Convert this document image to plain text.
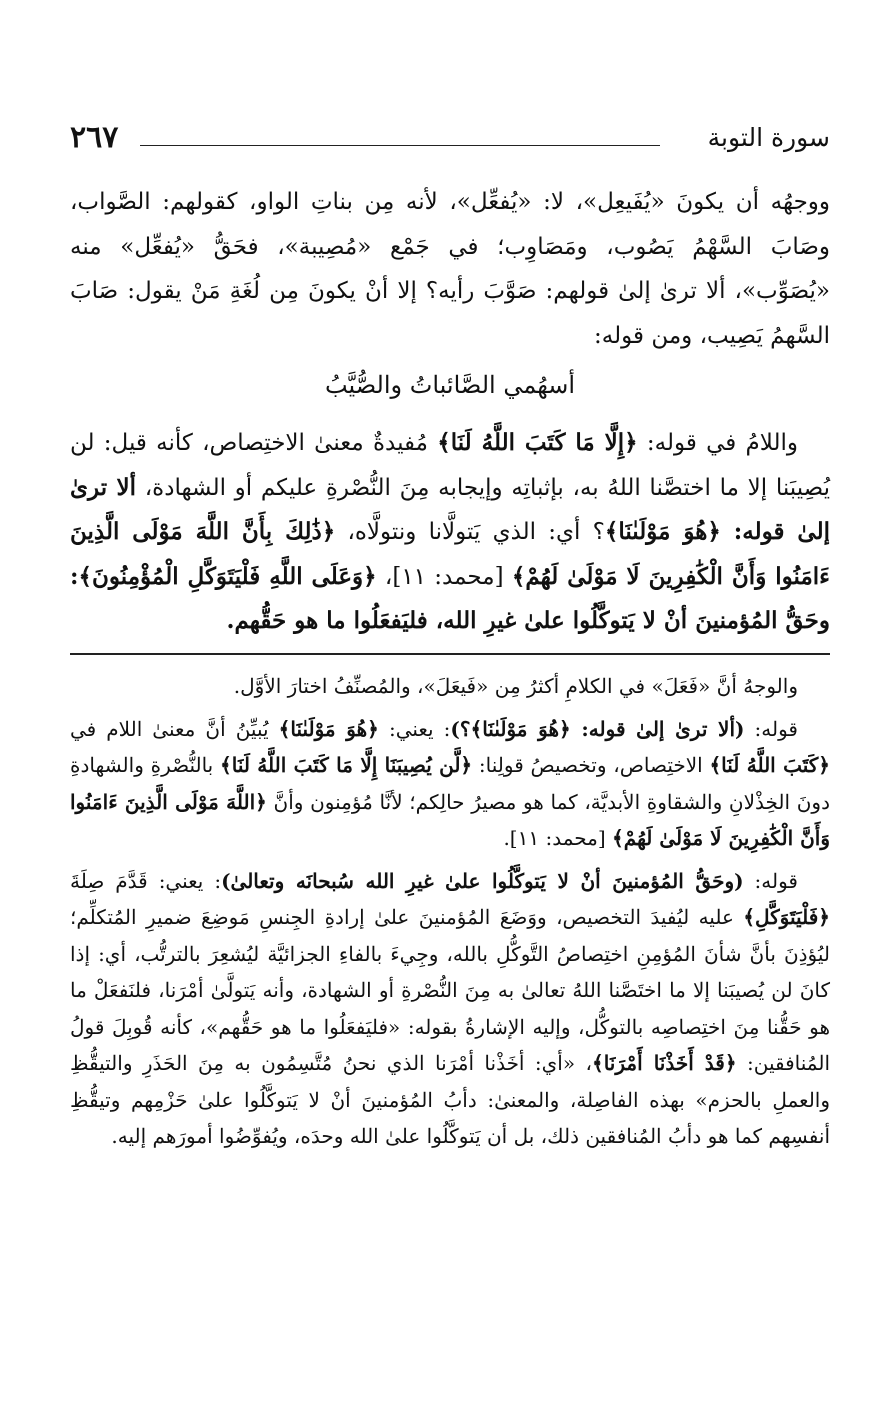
٢٦٧	سورة التوبة

ووجهُه أن يكونَ «يُفَيعِل»، لا: «يُفعِّل»، لأنه مِن بناتِ الواو، كقولهم: الصَّواب، وصَابَ السَّهْمُ يَصُوب، ومَصَاوِب؛ في جَمْع «مُصِيبة»، فحَقُّ «يُفعِّل» منه «يُصَوِّب»، ألا ترىٰ إلىٰ قولهم: صَوَّبَ رأيه؟ إلا أنْ يكونَ مِن لُغَةِ مَنْ يقول: صَابَ السَّهمُ يَصِيب، ومن قوله:

أسهُمي الصَّائباتُ والصُّيَّبُ

واللامُ في قوله: ﴿إِلَّا مَا كَتَبَ اللَّهُ لَنَا﴾ مُفيدةٌ معنىٰ الاختِصاص، كأنه قيل: لن يُصِيبَنا إلا ما اختصَّنا اللهُ به، بإثباتِه وإيجابه مِنَ النُّصْرةِ عليكم أو الشهادة، ألا ترىٰ إلىٰ قوله: ﴿هُوَ مَوْلَىٰنَا﴾؟ أي: الذي يَتولَّانا ونتولَّاه، ﴿ذَٰلِكَ بِأَنَّ اللَّهَ مَوْلَى الَّذِينَ ءَامَنُوا وَأَنَّ الْكَٰفِرِينَ لَا مَوْلَىٰ لَهُمْ﴾ [محمد: ١١]، ﴿وَعَلَى اللَّهِ فَلْيَتَوَكَّلِ الْمُؤْمِنُونَ﴾: وحَقُّ المُؤمنينَ أنْ لا يَتوكَّلُوا علىٰ غيرِ الله، فليَفعَلُوا ما هو حَقُّهم.

والوجهُ أنَّ «فَعَلَ» في الكلامِ أكثرُ مِن «فَيعَلَ»، والمُصنِّفُ اختارَ الأوَّل.

قوله: (ألا ترىٰ إلىٰ قوله: ﴿هُوَ مَوْلَىٰنَا﴾؟): يعني: ﴿هُوَ مَوْلَىٰنَا﴾ يُبيِّنُ أنَّ معنىٰ اللام في ﴿كَتَبَ اللَّهُ لَنَا﴾ الاختِصاص، وتخصيصُ قولِنا: ﴿لَّن يُصِيبَنَا إِلَّا مَا كَتَبَ اللَّهُ لَنَا﴾ بالنُّصْرةِ والشهادةِ دونَ الخِذْلانِ والشقاوةِ الأبديَّة، كما هو مصيرُ حالِكم؛ لأنَّا مُؤمِنون وأنَّ ﴿اللَّهَ مَوْلَى الَّذِينَ ءَامَنُوا وَأَنَّ الْكَٰفِرِينَ لَا مَوْلَىٰ لَهُمْ﴾ [محمد: ١١].

قوله: (وحَقُّ المُؤمنينَ أنْ لا يَتوكَّلُوا علىٰ غيرِ الله سُبحانَه وتعالىٰ): يعني: قَدَّمَ صِلَةَ ﴿فَلْيَتَوَكَّلِ﴾ عليه ليُفيدَ التخصيص، ووَضَعَ المُؤمنينَ علىٰ إرادةِ الجِنسِ مَوضِعَ ضميرِ المُتكلِّم؛ ليُؤذِنَ بأنَّ شأنَ المُؤمِنِ اختِصاصُ التَّوكُّلِ بالله، وجِيءَ بالفاءِ الجزائيَّة ليُشعِرَ بالترتُّب، أي: إذا كانَ لن يُصيبَنا إلا ما اختَصَّنا اللهُ تعالىٰ به مِنَ النُّصْرةِ أو الشهادة، وأنه يَتولَّىٰ أمْرَنا، فلنَفعَلْ ما هو حَقُّنا مِنَ اختِصاصِه بالتوكُّل، وإليه الإشارةُ بقوله: «فليَفعَلُوا ما هو حَقُّهم»، كأنه قُوبِلَ قولُ المُنافقين: ﴿قَدْ أَخَذْنَا أَمْرَنَا﴾، «أي: أخَذْنا أمْرَنا الذي نحنُ مُتَّسِمُون به مِنَ الحَذَرِ والتيقُّظِ والعملِ بالحزم» بهذه الفاصِلة، والمعنىٰ: دأبُ المُؤمنينَ أنْ لا يَتوكَّلُوا علىٰ حَزْمِهم وتيقُّظِ أنفسِهم كما هو دأبُ المُنافقين ذلك، بل أن يَتوكَّلُوا علىٰ الله وحدَه، ويُفوِّضُوا أمورَهم إليه.
